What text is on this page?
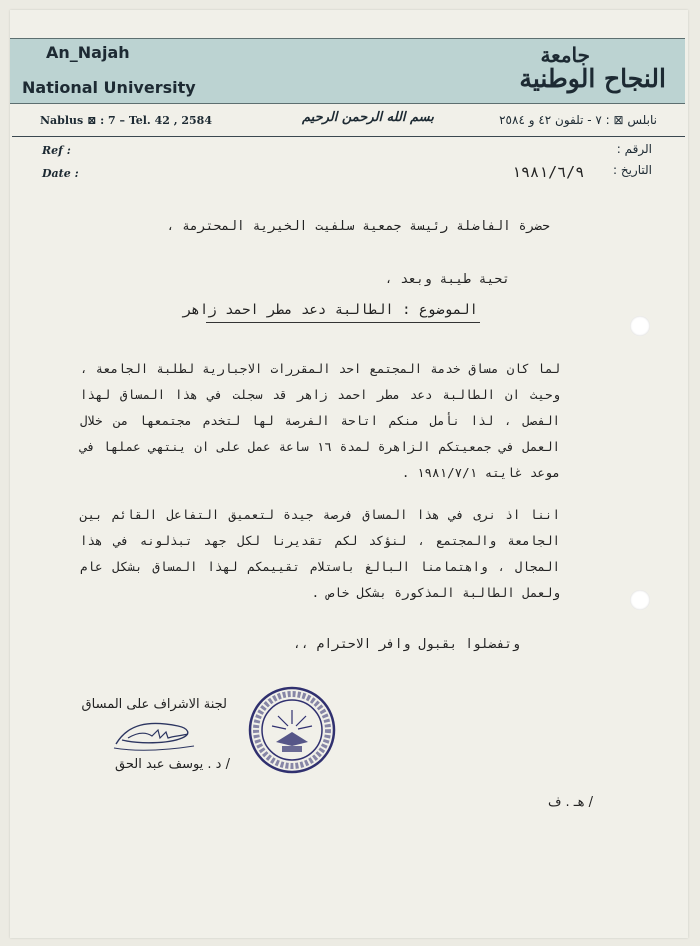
An_Najah
National University
جامعة
النجاح الوطنية
Nablus ⊠ : 7 – Tel. 42 , 2584	بسم الله الرحمن الرحيم	نابلس ⊠ : ٧ - تلفون ٤٢ و ٢٥٨٤
Ref :
Date :
الرقم :
التاريخ :
١٩٨١/٦/٩
حضرة الفاضلة رئيسة جمعية سلفيت الخيرية المحترمة ،
تحية طيبة وبعد ،
الموضوع : الطالبة دعد مطر احمد زاهر
لما كان مساق خدمة المجتمع احد المقررات الاجبارية لطلبة الجامعة ، وحيث ان الطالبة دعد مطر احمد زاهر قد سجلت في هذا المساق لهذا الفصل ، لذا نأمل منكم اتاحة الفرصة لها لتخدم مجتمعها من خلال العمل في جمعيتكم الزاهرة لمدة ١٦ ساعة عمل على ان ينتهي عملها في موعد غايته ١٩٨١/٧/١ .
اننا اذ نرى في هذا المساق فرصة جيدة لتعميق التفاعل القائم بين الجامعة والمجتمع ، لنؤكد لكم تقديرنا لكل جهد تبذلونه في هذا المجال ، واهتمامنا البالغ باستلام تقييمكم لهذا المساق بشكل عام ولعمل الطالبة المذكورة بشكل خاص .
وتفضلوا بقبول وافر الاحترام ،،
لجنة الاشراف على المساق
/ د . يوسف عبد الحق
/ هـ . ف
